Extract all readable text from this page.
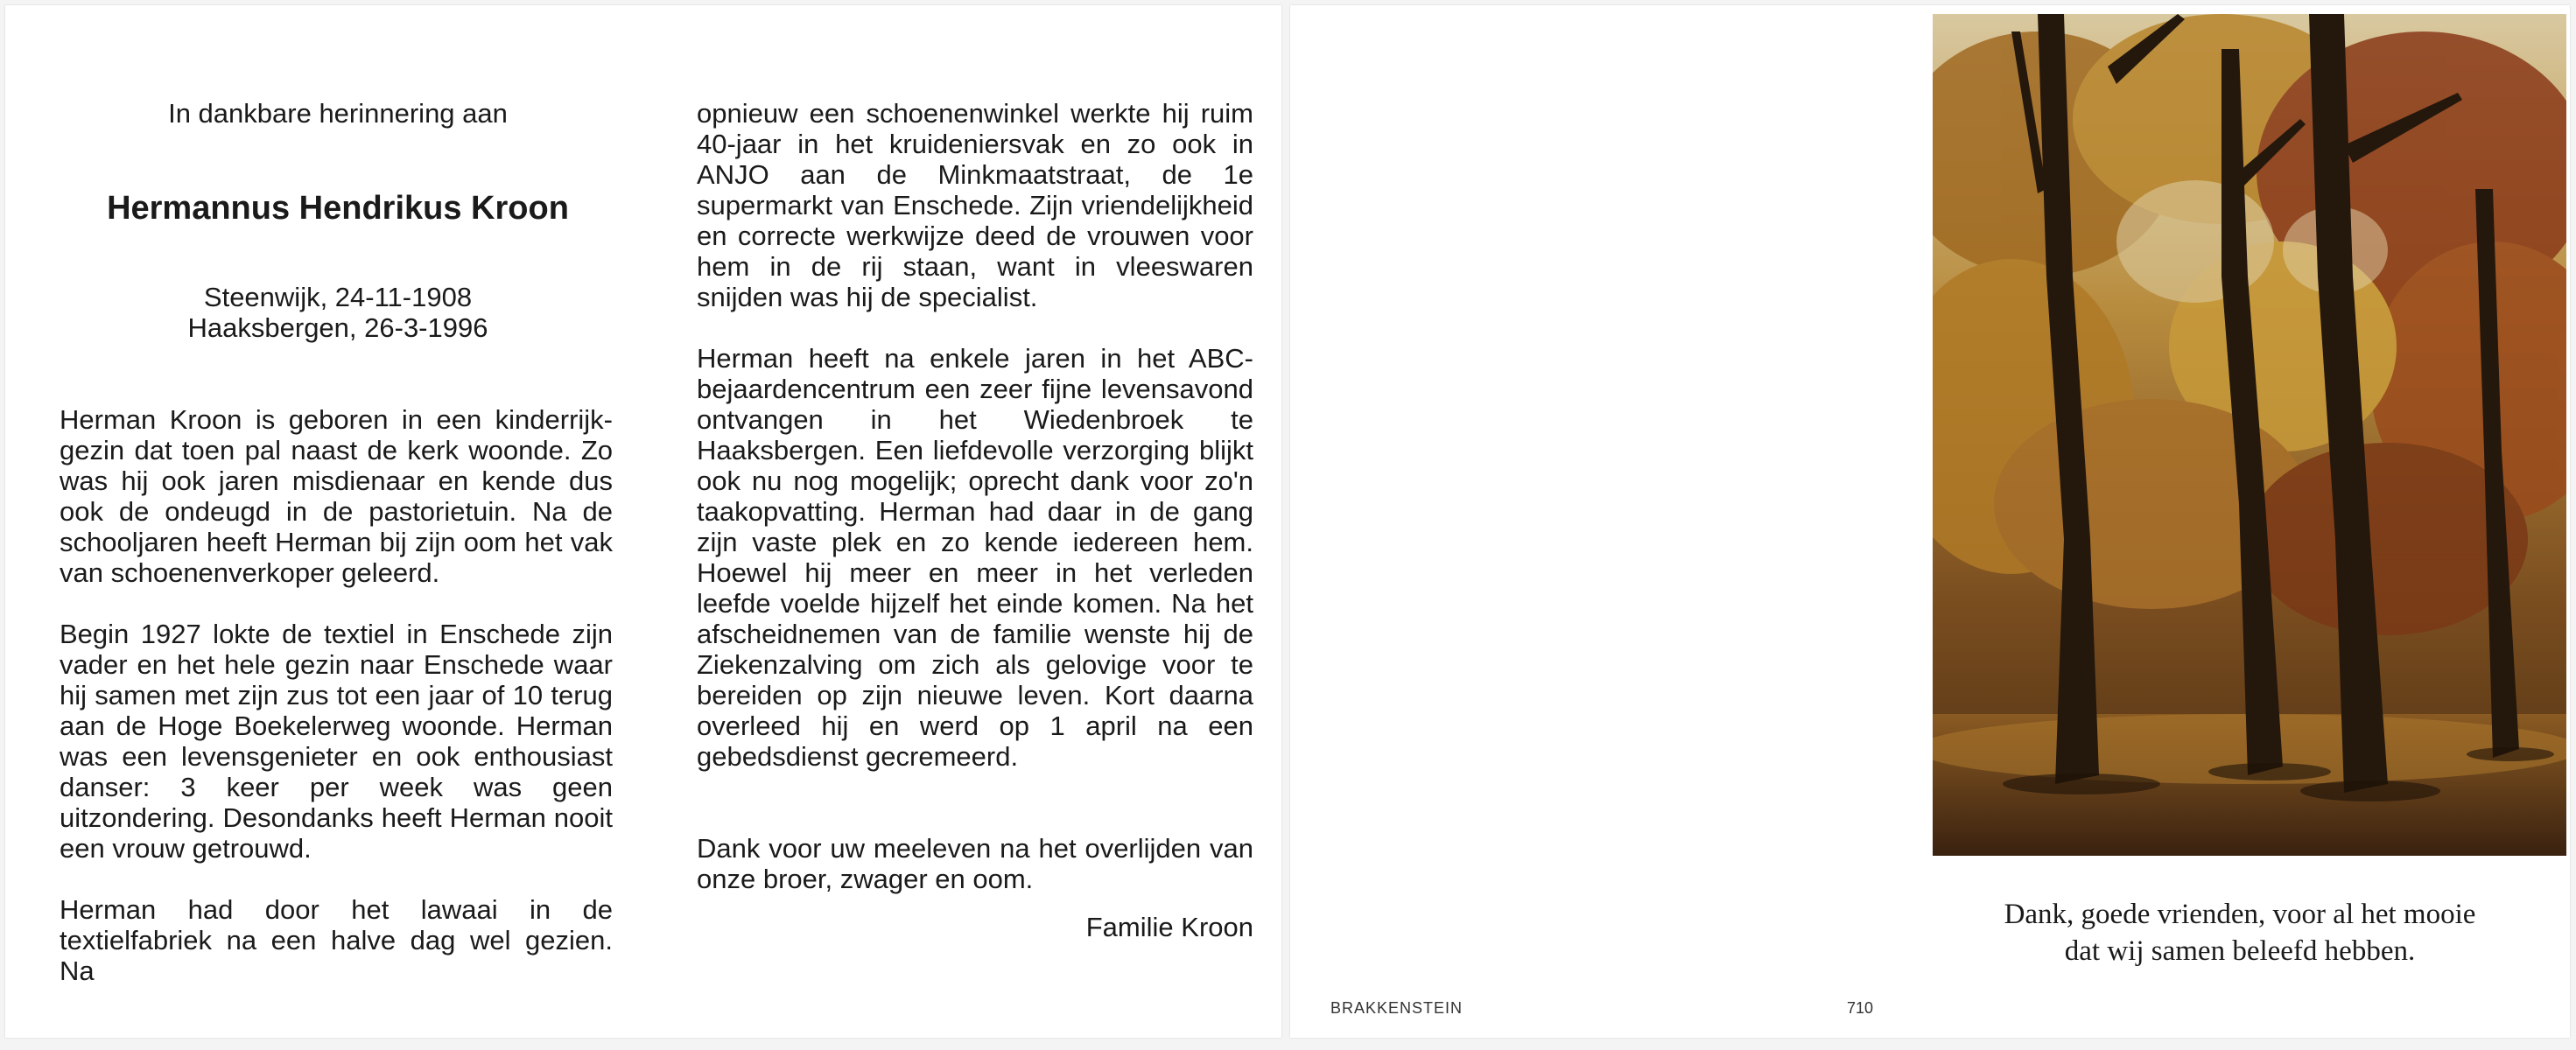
In dankbare herinnering aan
Hermannus Hendrikus Kroon
Steenwijk, 24-11-1908
Haaksbergen, 26-3-1996

Herman Kroon is geboren in een kinderrijk-gezin dat toen pal naast de kerk woonde. Zo was hij ook jaren misdienaar en kende dus ook de ondeugd in de pastorietuin. Na de schooljaren heeft Herman bij zijn oom het vak van schoenenverkoper geleerd.

Begin 1927 lokte de textiel in Enschede zijn vader en het hele gezin naar Enschede waar hij samen met zijn zus tot een jaar of 10 terug aan de Hoge Boekelerweg woonde. Herman was een levensgenieter en ook enthousiast danser: 3 keer per week was geen uitzondering. Desondanks heeft Herman nooit een vrouw getrouwd.

Herman had door het lawaai in de textielfabriek na een halve dag wel gezien. Na

opnieuw een schoenenwinkel werkte hij ruim 40-jaar in het kruideniersvak en zo ook in ANJO aan de Minkmaatstraat, de 1e supermarkt van Enschede. Zijn vriendelijkheid en correcte werkwijze deed de vrouwen voor hem in de rij staan, want in vleeswaren snijden was hij de specialist.

Herman heeft na enkele jaren in het ABC-bejaardencentrum een zeer fijne levensavond ontvangen in het Wiedenbroek te Haaksbergen. Een liefdevolle verzorging blijkt ook nu nog mogelijk; oprecht dank voor zo'n taakopvatting. Herman had daar in de gang zijn vaste plek en zo kende iedereen hem. Hoewel hij meer en meer in het verleden leefde voelde hijzelf het einde komen. Na het afscheidnemen van de familie wenste hij de Ziekenzalving om zich als gelovige voor te bereiden op zijn nieuwe leven. Kort daarna overleed hij en werd op 1 april na een gebedsdienst gecremeerd.

Dank voor uw meeleven na het overlijden van onze broer, zwager en oom.

Familie Kroon	Dank, goede vrienden, voor al het mooie
dat wij samen beleefd hebben.
BRAKKENSTEIN	710
